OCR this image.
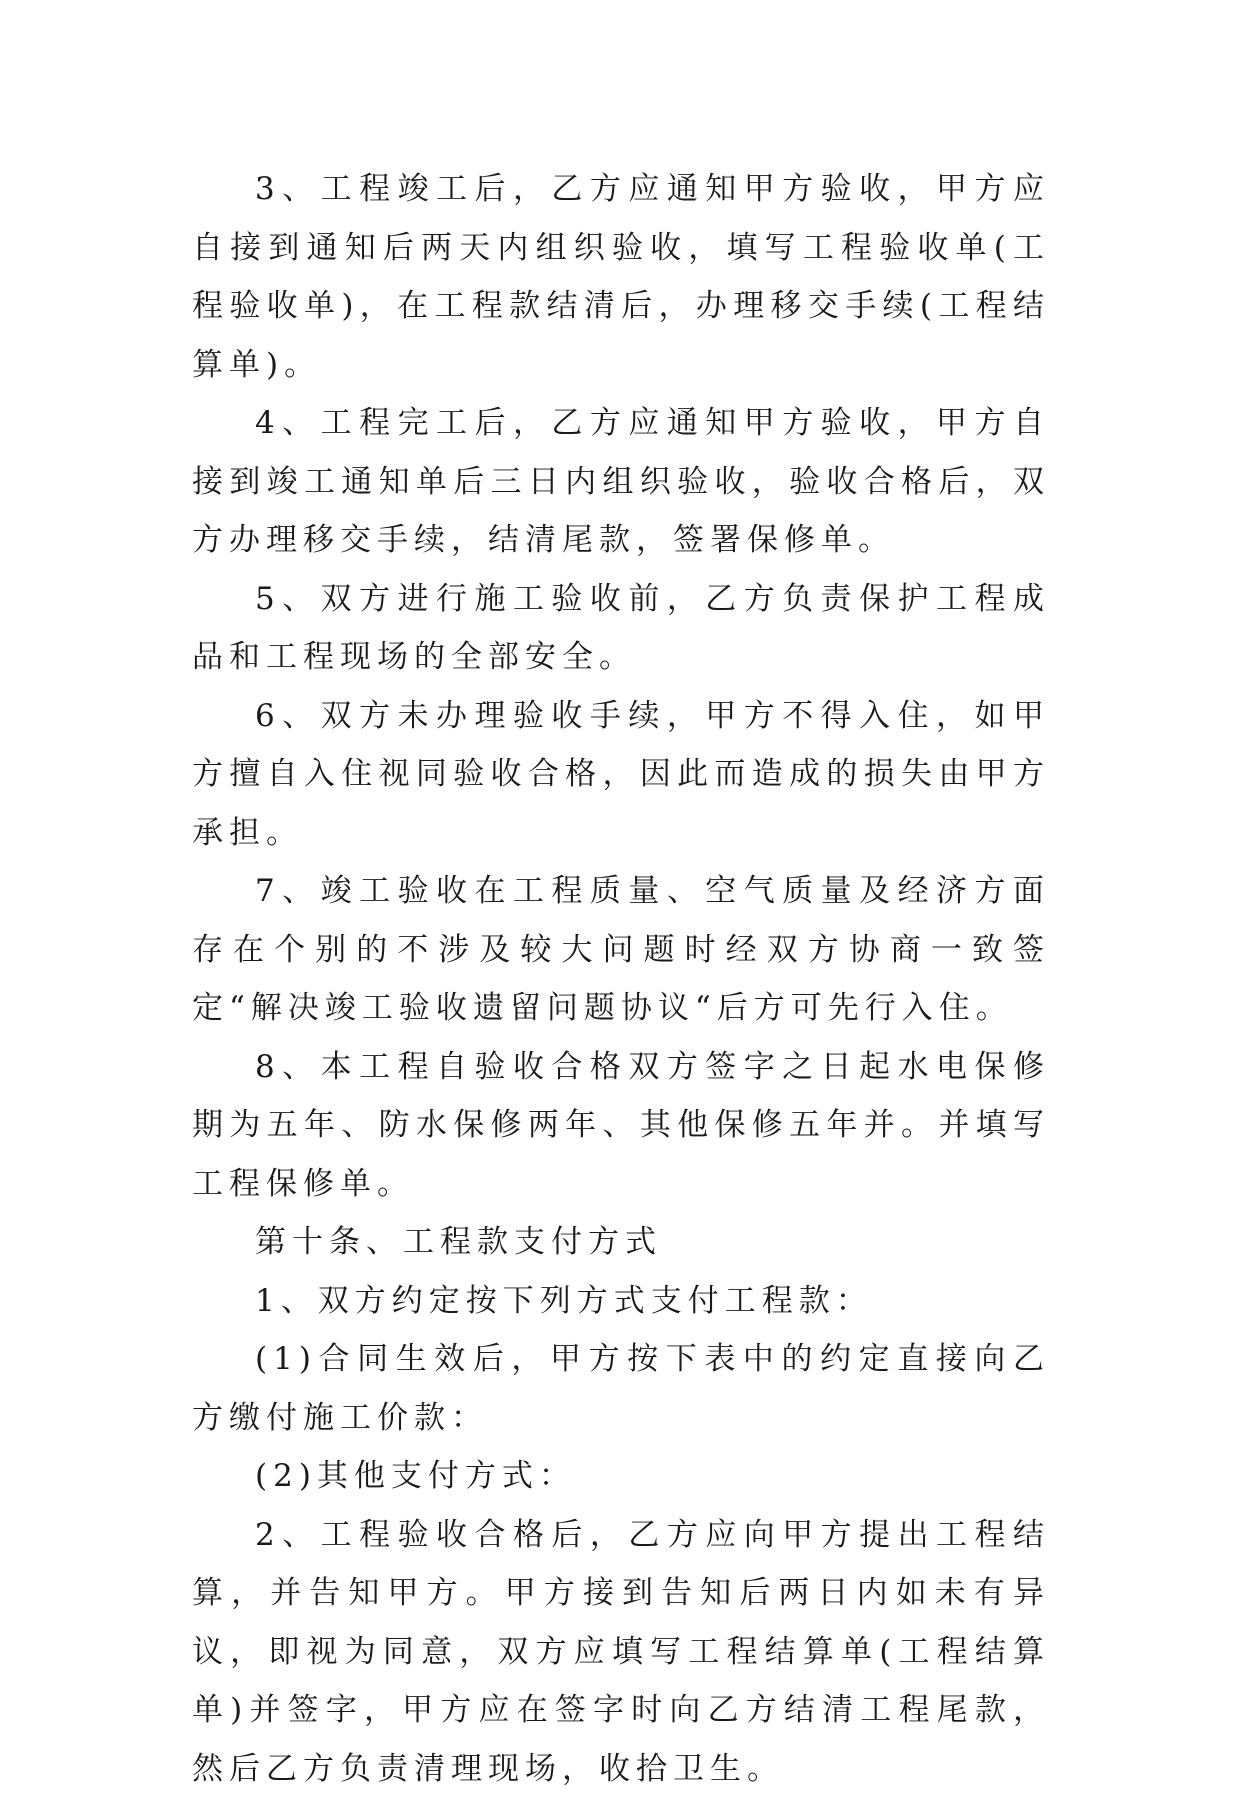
3、工程竣工后，乙方应通知甲方验收，甲方应自接到通知后两天内组织验收，填写工程验收单(工程验收单)，在工程款结清后，办理移交手续(工程结算单)。

4、工程完工后，乙方应通知甲方验收，甲方自接到竣工通知单后三日内组织验收，验收合格后，双方办理移交手续，结清尾款，签署保修单。

5、双方进行施工验收前，乙方负责保护工程成品和工程现场的全部安全。

6、双方未办理验收手续，甲方不得入住，如甲方擅自入住视同验收合格，因此而造成的损失由甲方承担。

7、竣工验收在工程质量、空气质量及经济方面存在个别的不涉及较大问题时经双方协商一致签定“解决竣工验收遗留问题协议“后方可先行入住。

8、本工程自验收合格双方签字之日起水电保修期为五年、防水保修两年、其他保修五年并。并填写工程保修单。

第十条、工程款支付方式

1、双方约定按下列方式支付工程款：

(1)合同生效后，甲方按下表中的约定直接向乙方缴付施工价款：

(2)其他支付方式：

2、工程验收合格后，乙方应向甲方提出工程结算，并告知甲方。甲方接到告知后两日内如未有异议，即视为同意，双方应填写工程结算单(工程结算单)并签字，甲方应在签字时向乙方结清工程尾款，然后乙方负责清理现场，收拾卫生。
